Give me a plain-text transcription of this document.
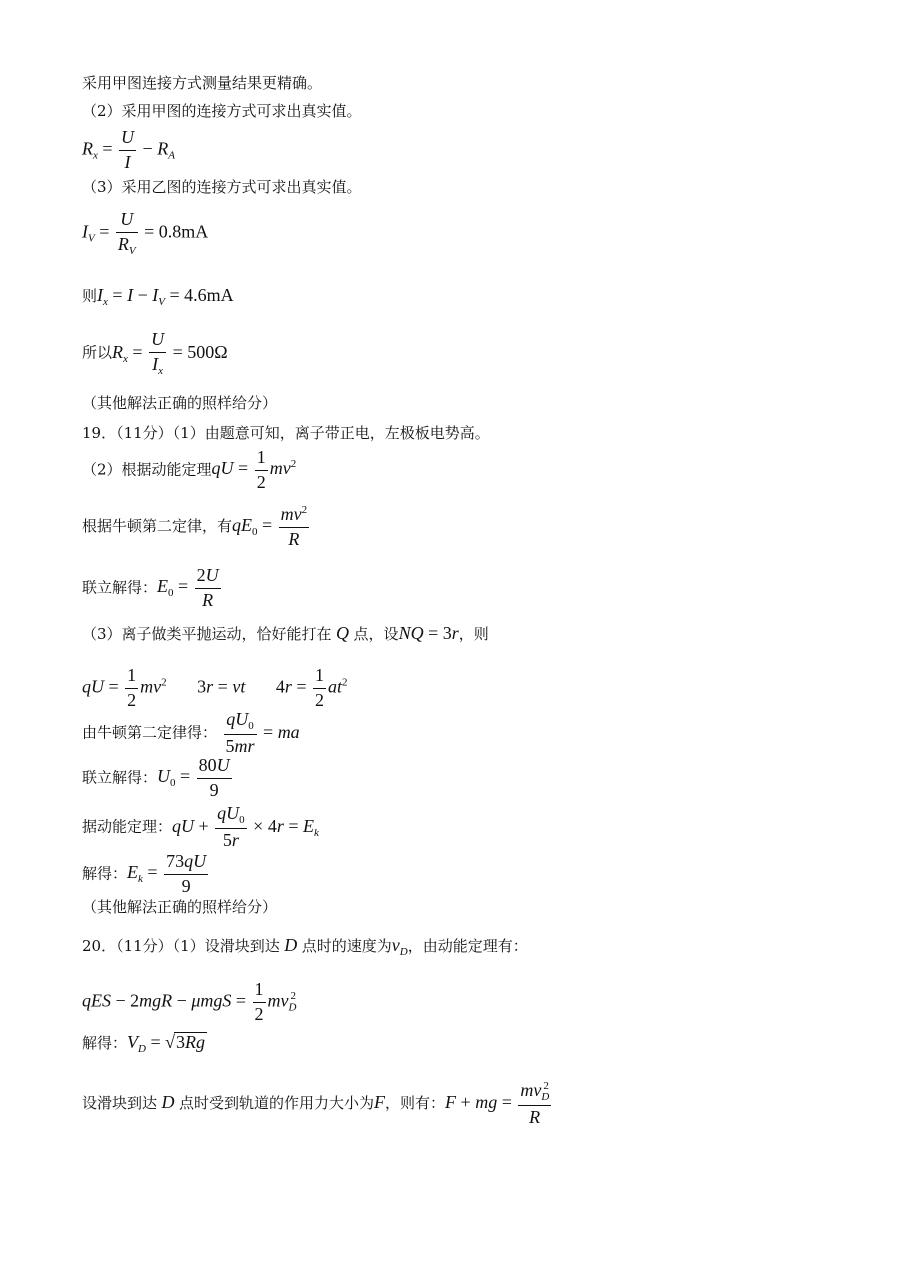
采用甲图连接方式测量结果更精确。
（2）采用甲图的连接方式可求出真实值。
$R_x = \frac{U}{I} - R_A$
（3）采用乙图的连接方式可求出真实值。
$I_V = \frac{U}{R_V} = 0.8mA$
则$I_x = I - I_V = 4.6mA$
所以$R_x = \frac{U}{I_x} = 500\Omega$
（其他解法正确的照样给分）
19．（11分）（1）由题意可知，离子带正电，左极板电势高。
（2）根据动能定理qU = $\frac{1}{2} mv^2$
根据牛顿第二定律，有$qE_0 = \frac{mv^2}{R}$
联立解得：$E_0 = \frac{2U}{R}$
（3）离子做类平抛运动，恰好能打在 Q 点，设NQ = 3r，则
qU = $\frac{1}{2} mv^2$ 3r = vt $4r = \frac{1}{2} at^2$
由牛顿第二定律得： $\frac{qU_0}{5mr}$ = ma
联立解得：$U_0 = \frac{80U}{9}$
据动能定理：qU + $\frac{qU_0}{5r} \times 4r = E_k$
解得：$E_k = \frac{73qU}{9}$
（其他解法正确的照样给分）
20．（11分）（1）设滑块到达 D 点时的速度为$v_D$，由动能定理有：
qES − $2mgR - \mu mgS = \frac{1}{2} mv_D^2$
解得：$V_D = √3Rg$
设滑块到达 D 点时受到轨道的作用力大小为F，则有：F + mg = $\frac{mv_D^2}{R}$
